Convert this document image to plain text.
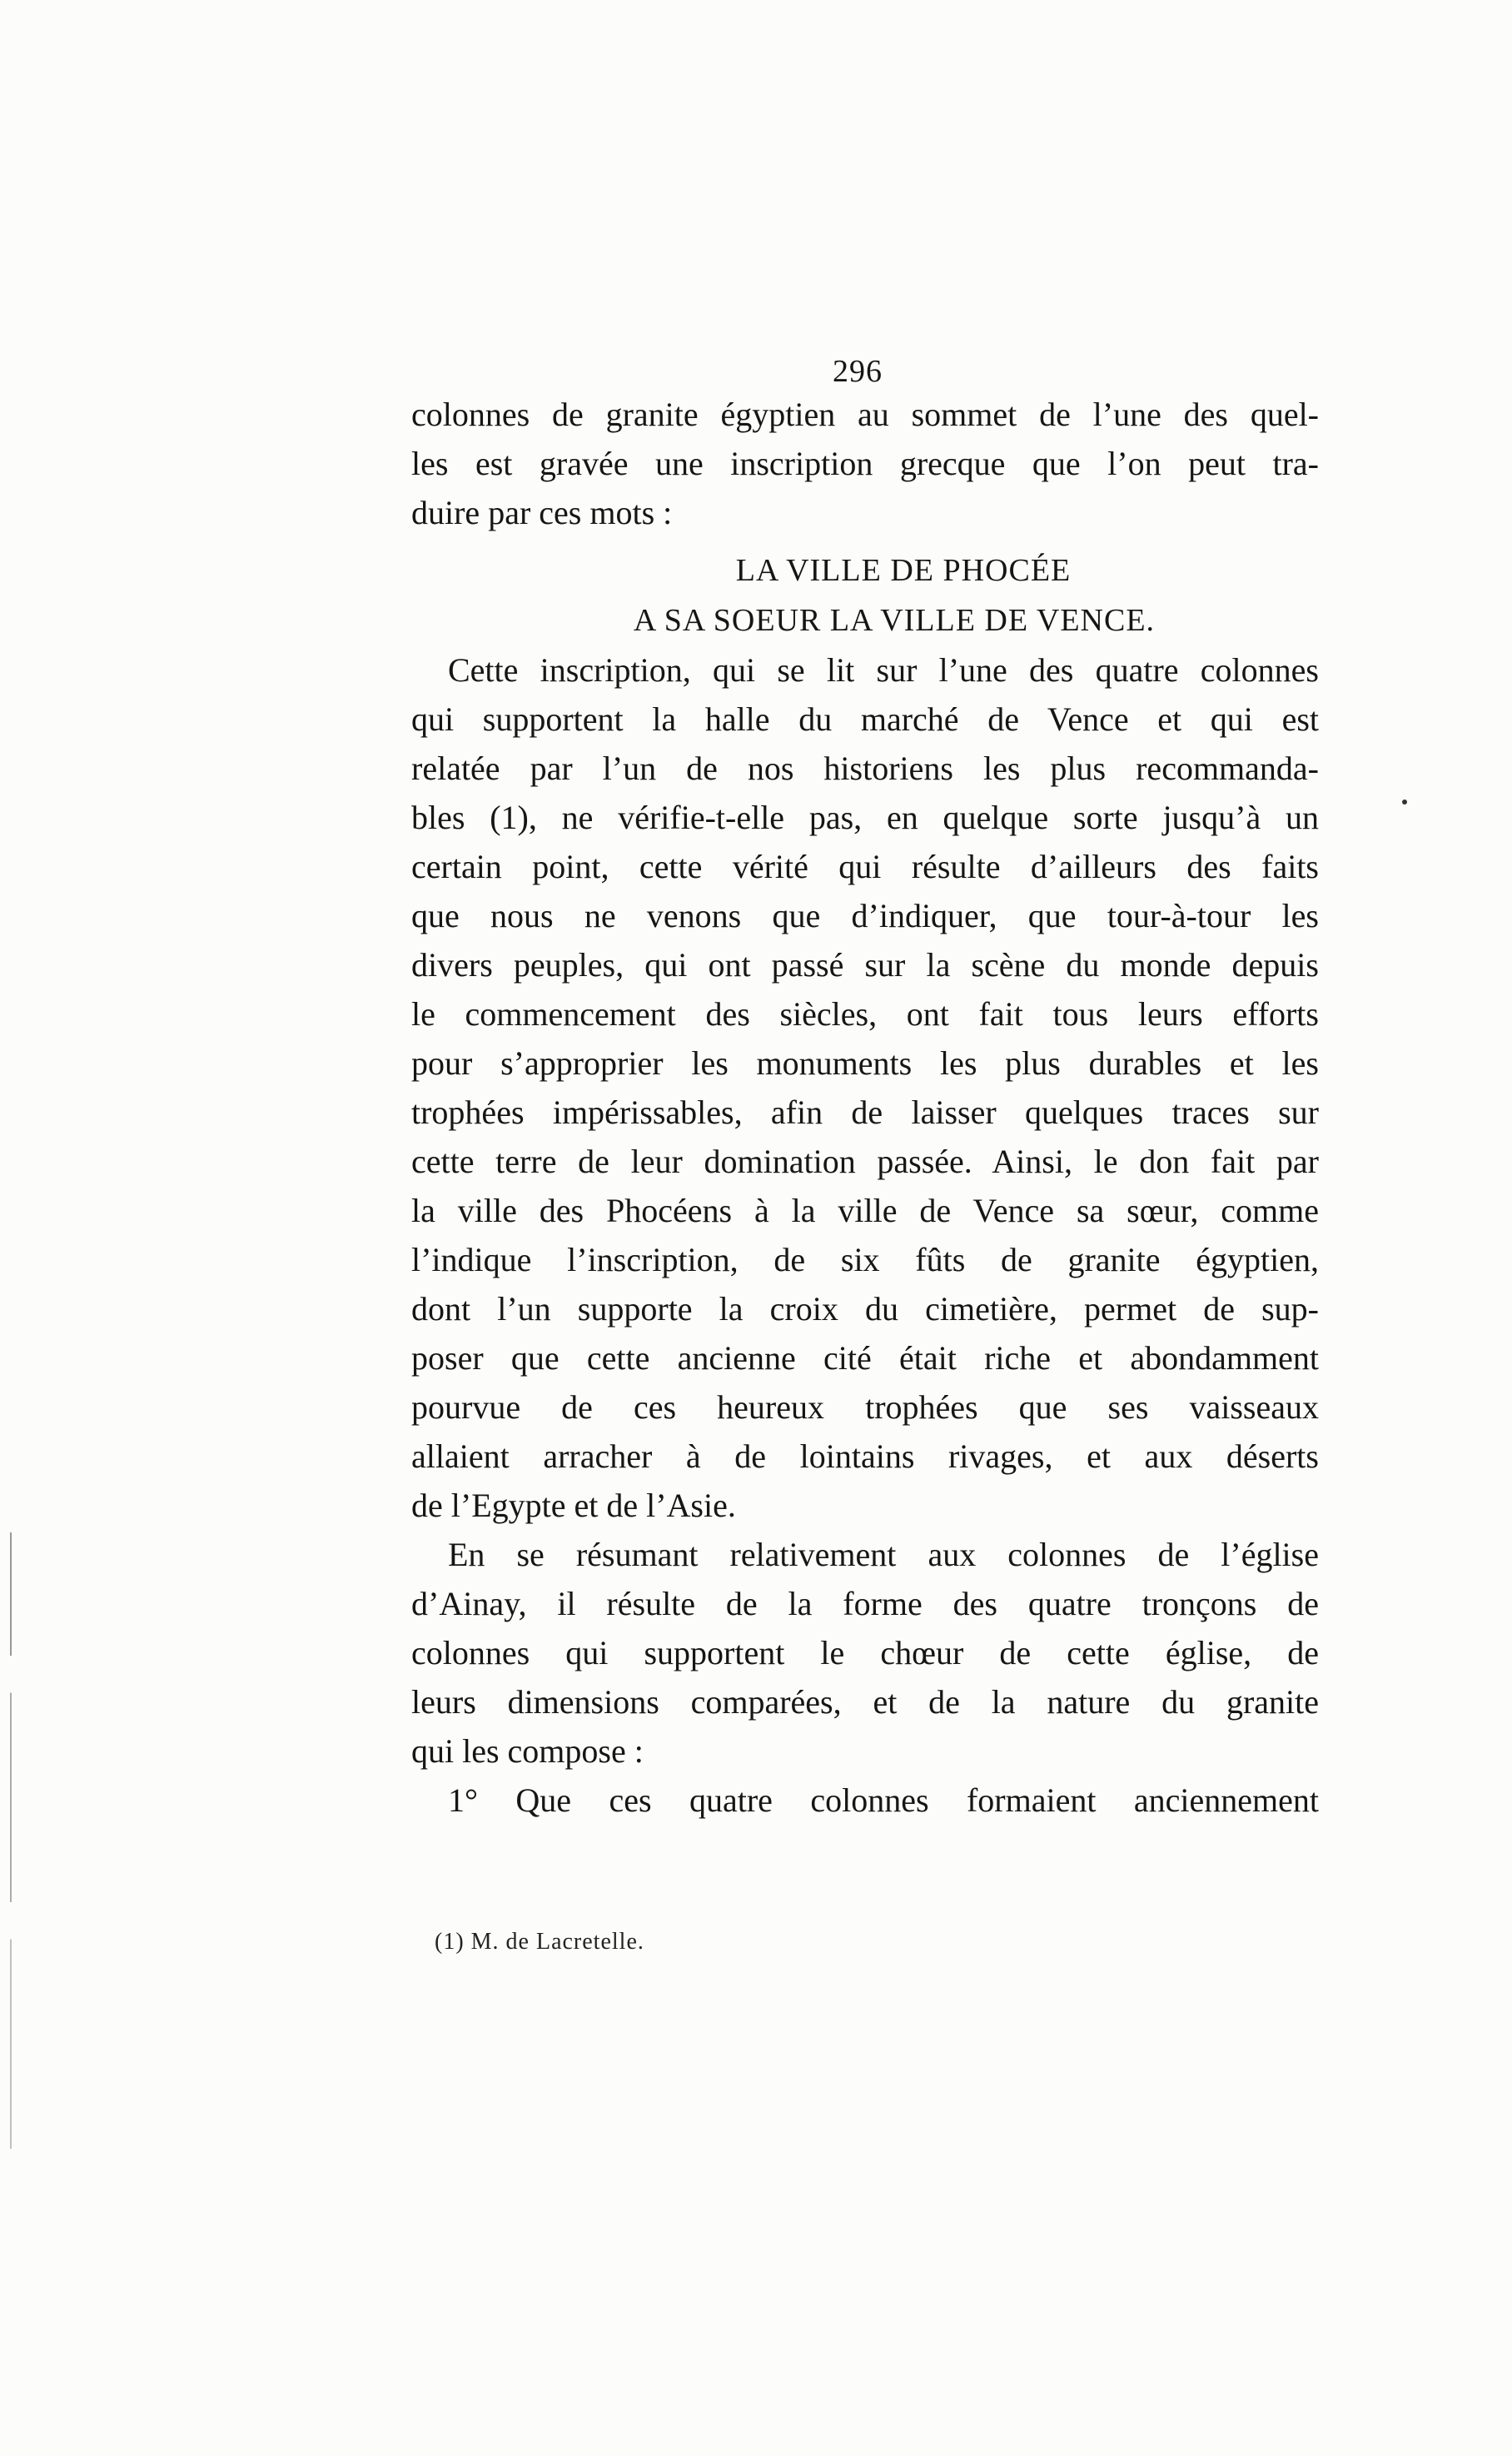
296
colonnes de granite égyptien au sommet de l’une des quel-
les est gravée une inscription grecque que l’on peut tra-
duire par ces mots :
LA VILLE DE PHOCÉE
A SA SOEUR LA VILLE DE VENCE.
Cette inscription, qui se lit sur l’une des quatre colonnes
qui supportent la halle du marché de Vence et qui est
relatée par l’un de nos historiens les plus recommanda-
bles (1), ne vérifie-t-elle pas, en quelque sorte jusqu’à un
certain point, cette vérité qui résulte d’ailleurs des faits
que nous ne venons que d’indiquer, que tour-à-tour les
divers peuples, qui ont passé sur la scène du monde depuis
le commencement des siècles, ont fait tous leurs efforts
pour s’approprier les monuments les plus durables et les
trophées impérissables, afin de laisser quelques traces sur
cette terre de leur domination passée. Ainsi, le don fait par
la ville des Phocéens à la ville de Vence sa sœur, comme
l’indique l’inscription, de six fûts de granite égyptien,
dont l’un supporte la croix du cimetière, permet de sup-
poser que cette ancienne cité était riche et abondamment
pourvue de ces heureux trophées que ses vaisseaux
allaient arracher à de lointains rivages, et aux déserts
de l’Egypte et de l’Asie.
En se résumant relativement aux colonnes de l’église
d’Ainay, il résulte de la forme des quatre tronçons de
colonnes qui supportent le chœur de cette église, de
leurs dimensions comparées, et de la nature du granite
qui les compose :
1° Que ces quatre colonnes formaient anciennement
(1) M. de Lacretelle.
